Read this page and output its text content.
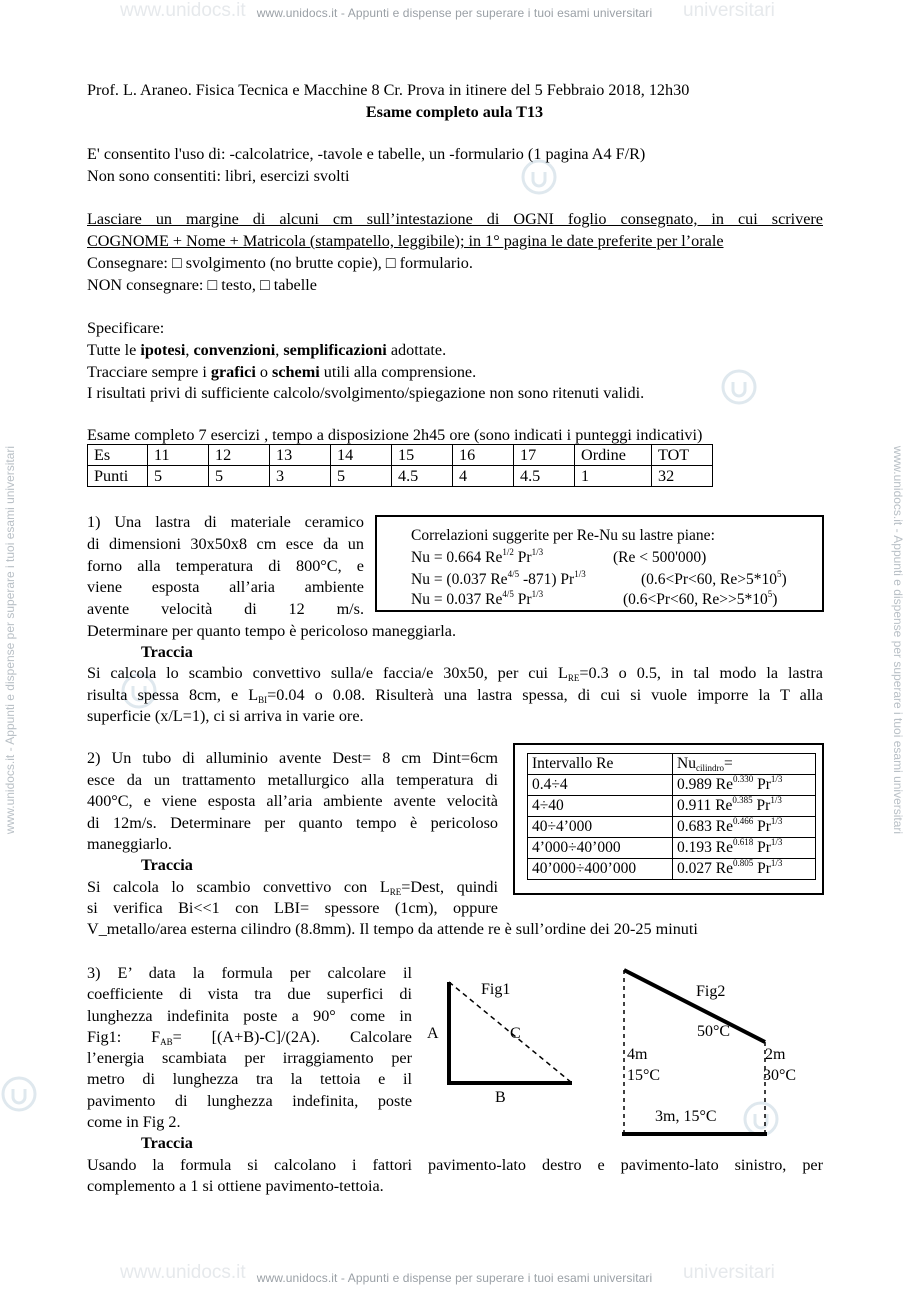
www.unidocs.it - Appunti e dispense per superare i tuoi esami universitari
www.unidocs.it - Appunti e dispense per superare i tuoi esami universitari
www.unidocs.it	universitari
www.unidocs.it	universitari
www.unidocs.it - Appunti e dispense per superare i tuoi esami universitari	www.unidocs.it - Appunti e dispense per superare i tuoi esami universitari
Prof. L. Araneo. Fisica Tecnica e Macchine 8 Cr. Prova in itinere del 5 Febbraio 2018, 12h30
Esame completo aula T13
E' consentito l'uso di: -calcolatrice, -tavole e tabelle, un -formulario (1 pagina A4 F/R)
Non sono consentiti: libri, esercizi svolti
Lasciare un margine di alcuni cm sull’intestazione di OGNI foglio consegnato, in cui scrivere
COGNOME + Nome + Matricola (stampatello, leggibile); in 1° pagina le date preferite per l’orale
Consegnare: □ svolgimento (no brutte copie), □ formulario.
NON consegnare: □ testo, □ tabelle
Specificare:
Tutte le ipotesi, convenzioni, semplificazioni adottate.
Tracciare sempre i grafici o schemi utili alla comprensione.
I risultati privi di sufficiente calcolo/svolgimento/spiegazione non sono ritenuti validi.
Esame completo 7 esercizi , tempo a disposizione 2h45 ore (sono indicati i punteggi indicativi)
Es	11	12	13	14	15	16	17	Ordine	TOT
Punti	5	5	3	5	4.5	4	4.5	1	32
1) Una lastra di materiale ceramico
di dimensioni 30x50x8 cm esce da un
forno alla temperatura di 800°C, e
viene esposta all’aria ambiente
avente velocità di 12 m/s.
Determinare per quanto tempo è pericoloso maneggiarla.
Correlazioni suggerite per Re-Nu su lastre piane:
Nu = 0.664 $Re^{1/2}$ $Pr^{1/3}$	(Re < 500'000)
Nu = (0.037 $Re^{4/5}$ -871) $Pr^{1/3}$	(0.6<Pr<60, $Re>5*10^5$)
Nu = 0.037 $Re^{4/5}$ $Pr^{1/3}$	(0.6<Pr<60, $Re>>5*10^5$)
Traccia
Si calcola lo scambio convettivo sulla/e faccia/e 30x50, per cui $L_{RE}=0.3$ o 0.5, in tal modo la lastra
risulta spessa 8cm, e $L_{BI}=0.04$ o 0.08. Risulterà una lastra spessa, di cui si vuole imporre la T alla
superficie (x/L=1), ci si arriva in varie ore.
2) Un tubo di alluminio avente Dest= 8 cm Dint=6cm
esce da un trattamento metallurgico alla temperatura di
400°C, e viene esposta all’aria ambiente avente velocità
di 12m/s. Determinare per quanto tempo è pericoloso
maneggiarlo.
Traccia
Si calcola lo scambio convettivo con $L_{RE}=Dest$, quindi
si verifica Bi<<1 con LBI= spessore (1cm), oppure
V_metallo/area esterna cilindro (8.8mm). Il tempo da attende re è sull’ordine dei 20-25 minuti
Intervallo Re	$Nu_{cilindro}=$
0.4÷4	0.989 $Re^{0.330}$ $Pr^{1/3}$
4÷40	0.911 $Re^{0.385}$ $Pr^{1/3}$
40÷4’000	0.683 $Re^{0.466}$ $Pr^{1/3}$
4’000÷40’000	0.193 $Re^{0.618}$ $Pr^{1/3}$
40’000÷400’000	0.027 $Re^{0.805}$ $Pr^{1/3}$
3) E’ data la formula per calcolare il
coefficiente di vista tra due superfici di
lunghezza indefinita poste a 90° come in
Fig1: $F_{AB}= [(A+B)-C]/(2A)$. Calcolare
l’energia scambiata per irraggiamento per
metro di lunghezza tra la tettoia e il
pavimento di lunghezza indefinita, poste
come in Fig 2.
Traccia
Usando la formula si calcolano i fattori pavimento-lato destro e pavimento-lato sinistro, per
complemento a 1 si ottiene pavimento-tettoia.
Fig1
A	C
B
Fig2
50°C
4m
15°C
2m
30°C
3m, 15°C
